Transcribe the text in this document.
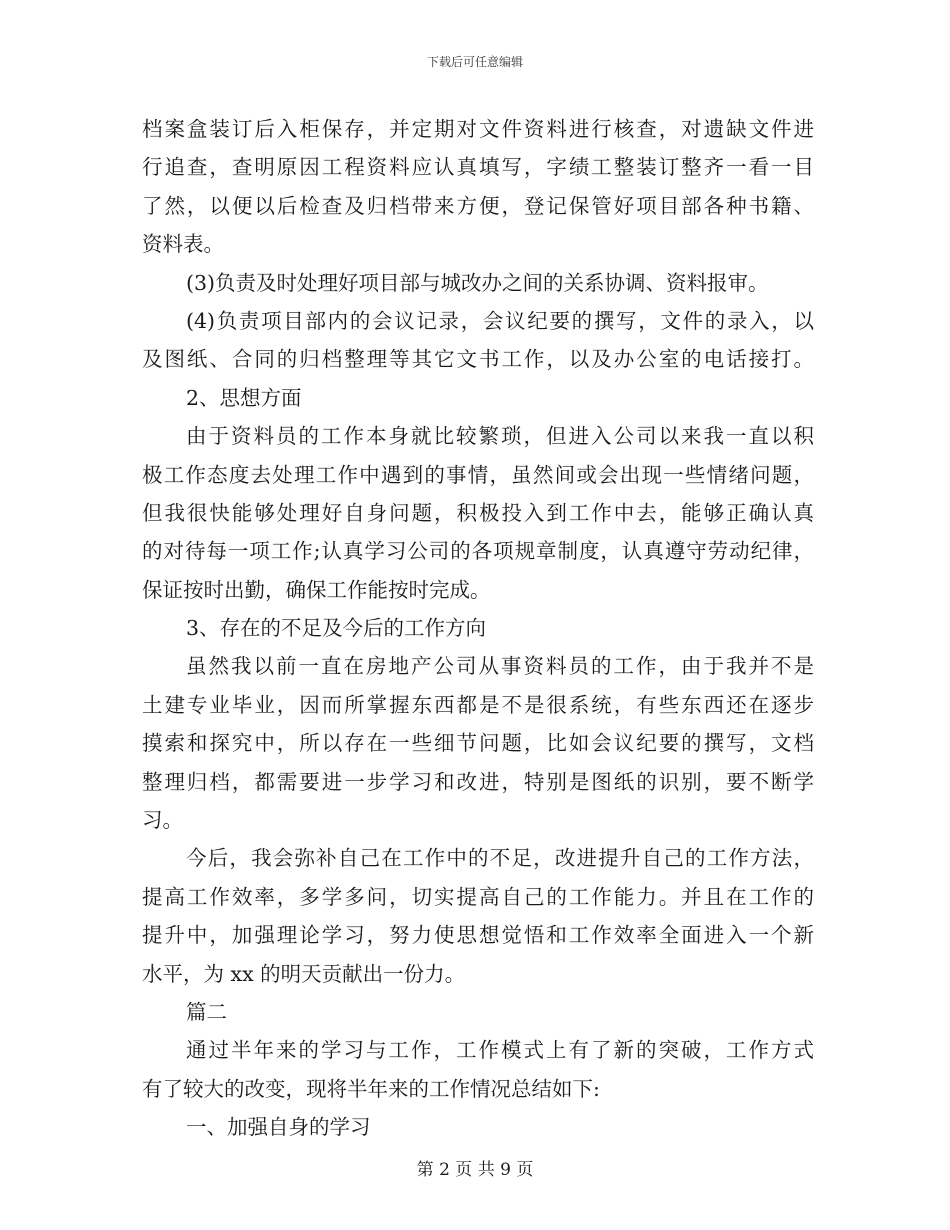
下载后可任意编辑
档案盒装订后入柜保存，并定期对文件资料进行核查，对遗缺文件进
行追查，查明原因工程资料应认真填写，字绩工整装订整齐一看一目
了然，以便以后检查及归档带来方便，登记保管好项目部各种书籍、
资料表。
(3)负责及时处理好项目部与城改办之间的关系协调、资料报审。
(4)负责项目部内的会议记录，会议纪要的撰写，文件的录入，以
及图纸、合同的归档整理等其它文书工作，以及办公室的电话接打。
2、思想方面
由于资料员的工作本身就比较繁琐，但进入公司以来我一直以积
极工作态度去处理工作中遇到的事情，虽然间或会出现一些情绪问题，
但我很快能够处理好自身问题，积极投入到工作中去，能够正确认真
的对待每一项工作;认真学习公司的各项规章制度，认真遵守劳动纪律，
保证按时出勤，确保工作能按时完成。
3、存在的不足及今后的工作方向
虽然我以前一直在房地产公司从事资料员的工作，由于我并不是
土建专业毕业，因而所掌握东西都是不是很系统，有些东西还在逐步
摸索和探究中，所以存在一些细节问题，比如会议纪要的撰写，文档
整理归档，都需要进一步学习和改进，特别是图纸的识别，要不断学
习。
今后，我会弥补自己在工作中的不足，改进提升自己的工作方法，
提高工作效率，多学多问，切实提高自己的工作能力。并且在工作的
提升中，加强理论学习，努力使思想觉悟和工作效率全面进入一个新
水平，为 xx 的明天贡献出一份力。
篇二
通过半年来的学习与工作，工作模式上有了新的突破，工作方式
有了较大的改变，现将半年来的工作情况总结如下:
一、加强自身的学习
第 2 页 共 9 页
